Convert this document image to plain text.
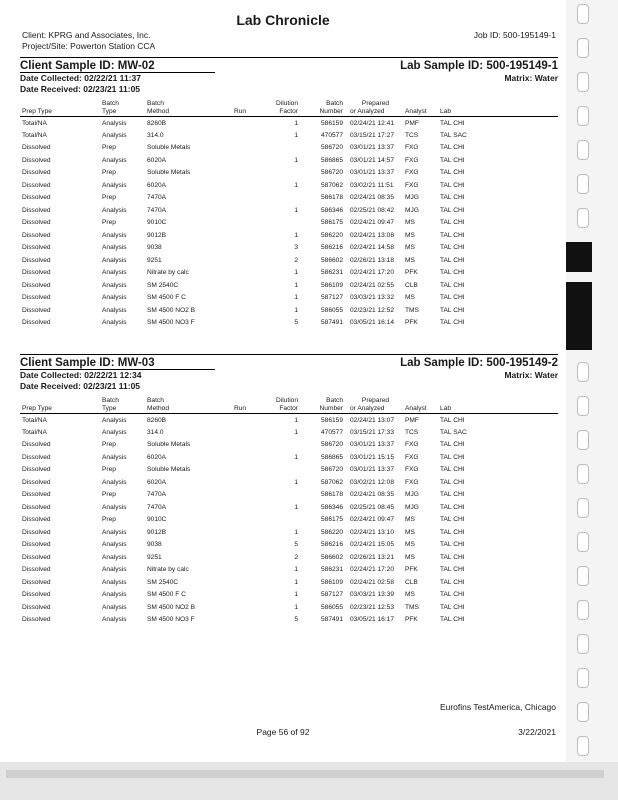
Lab Chronicle
Client: KPRG and Associates, Inc.
Project/Site: Powerton Station CCA
Job ID: 500-195149-1
Client Sample ID: MW-02	Lab Sample ID: 500-195149-1
Date Collected: 02/22/21 11:37	Matrix: Water
Date Received: 02/23/21 11:05
	Batch	Batch		Dilution	Batch	Prepared			
Prep Type	Type	Method	Run	Factor	Number	or Analyzed	Analyst	Lab	
Total/NA	Analysis	8260B		1	586159	02/24/21 12:41	PMF	TAL CHI	
Total/NA	Analysis	314.0		1	470577	03/15/21 17:27	TCS	TAL SAC	
Dissolved	Prep	Soluble Metals			586720	03/01/21 13:37	FXG	TAL CHI	
Dissolved	Analysis	6020A		1	586865	03/01/21 14:57	FXG	TAL CHI	
Dissolved	Prep	Soluble Metals			586720	03/01/21 13:37	FXG	TAL CHI	
Dissolved	Analysis	6020A		1	587062	03/02/21 11:51	FXG	TAL CHI	
Dissolved	Prep	7470A			586178	02/24/21 08:35	MJG	TAL CHI	
Dissolved	Analysis	7470A		1	586346	02/25/21 08:42	MJG	TAL CHI	
Dissolved	Prep	9010C			586175	02/24/21 09:47	MS	TAL CHI	
Dissolved	Analysis	9012B		1	586220	02/24/21 13:08	MS	TAL CHI	
Dissolved	Analysis	9038		3	586216	02/24/21 14:58	MS	TAL CHI	
Dissolved	Analysis	9251		2	586602	02/26/21 13:18	MS	TAL CHI	
Dissolved	Analysis	Nitrate by calc		1	586231	02/24/21 17:20	PFK	TAL CHI	
Dissolved	Analysis	SM 2540C		1	586109	02/24/21 02:55	CLB	TAL CHI	
Dissolved	Analysis	SM 4500 F C		1	587127	03/03/21 13:32	MS	TAL CHI	
Dissolved	Analysis	SM 4500 NO2 B		1	586055	02/23/21 12:52	TMS	TAL CHI	
Dissolved	Analysis	SM 4500 NO3 F		5	587491	03/05/21 16:14	PFK	TAL CHI	
Client Sample ID: MW-03	Lab Sample ID: 500-195149-2
Date Collected: 02/22/21 12:34	Matrix: Water
Date Received: 02/23/21 11:05
	Batch	Batch		Dilution	Batch	Prepared			
Prep Type	Type	Method	Run	Factor	Number	or Analyzed	Analyst	Lab	
Total/NA	Analysis	8260B		1	586159	02/24/21 13:07	PMF	TAL CHI	
Total/NA	Analysis	314.0		1	470577	03/15/21 17:33	TCS	TAL SAC	
Dissolved	Prep	Soluble Metals			586720	03/01/21 13:37	FXG	TAL CHI	
Dissolved	Analysis	6020A		1	586865	03/01/21 15:15	FXG	TAL CHI	
Dissolved	Prep	Soluble Metals			586720	03/01/21 13:37	FXG	TAL CHI	
Dissolved	Analysis	6020A		1	587062	03/02/21 12:08	FXG	TAL CHI	
Dissolved	Prep	7470A			586178	02/24/21 08:35	MJG	TAL CHI	
Dissolved	Analysis	7470A		1	586346	02/25/21 08:45	MJG	TAL CHI	
Dissolved	Prep	9010C			586175	02/24/21 09:47	MS	TAL CHI	
Dissolved	Analysis	9012B		1	586220	02/24/21 13:10	MS	TAL CHI	
Dissolved	Analysis	9038		5	586216	02/24/21 15:05	MS	TAL CHI	
Dissolved	Analysis	9251		2	586602	02/26/21 13:21	MS	TAL CHI	
Dissolved	Analysis	Nitrate by calc		1	586231	02/24/21 17:20	PFK	TAL CHI	
Dissolved	Analysis	SM 2540C		1	586109	02/24/21 02:58	CLB	TAL CHI	
Dissolved	Analysis	SM 4500 F C		1	587127	03/03/21 13:39	MS	TAL CHI	
Dissolved	Analysis	SM 4500 NO2 B		1	586055	02/23/21 12:53	TMS	TAL CHI	
Dissolved	Analysis	SM 4500 NO3 F		5	587491	03/05/21 16:17	PFK	TAL CHI	
Eurofins TestAmerica, Chicago
Page 56 of 92	3/22/2021
